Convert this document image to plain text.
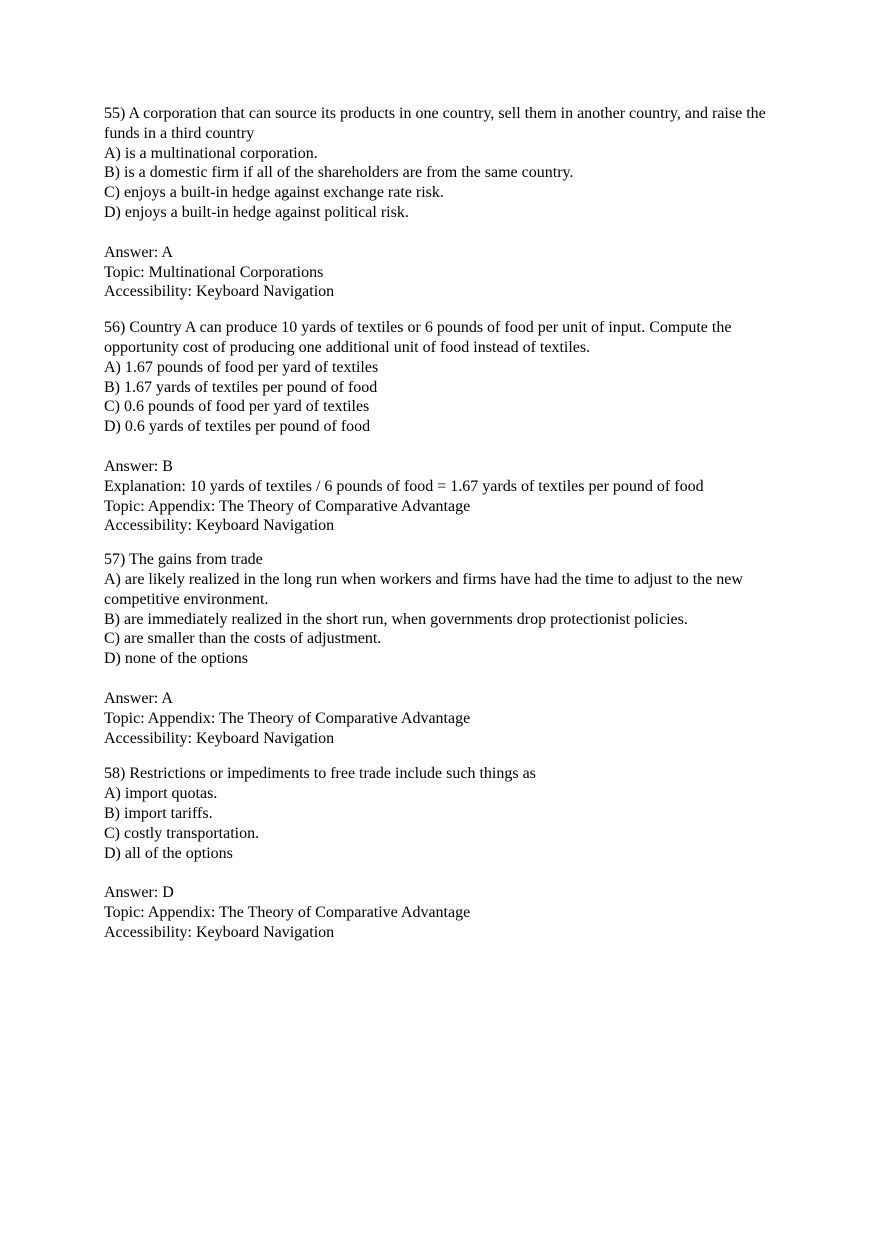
55) A corporation that can source its products in one country, sell them in another country, and raise the funds in a third country
A) is a multinational corporation.
B) is a domestic firm if all of the shareholders are from the same country.
C) enjoys a built-in hedge against exchange rate risk.
D) enjoys a built-in hedge against political risk.
Answer: A
Topic: Multinational Corporations
Accessibility: Keyboard Navigation
56) Country A can produce 10 yards of textiles or 6 pounds of food per unit of input. Compute the opportunity cost of producing one additional unit of food instead of textiles.
A) 1.67 pounds of food per yard of textiles
B) 1.67 yards of textiles per pound of food
C) 0.6 pounds of food per yard of textiles
D) 0.6 yards of textiles per pound of food
Answer: B
Explanation: 10 yards of textiles / 6 pounds of food = 1.67 yards of textiles per pound of food
Topic: Appendix: The Theory of Comparative Advantage
Accessibility: Keyboard Navigation
57) The gains from trade
A) are likely realized in the long run when workers and firms have had the time to adjust to the new competitive environment.
B) are immediately realized in the short run, when governments drop protectionist policies.
C) are smaller than the costs of adjustment.
D) none of the options
Answer: A
Topic: Appendix: The Theory of Comparative Advantage
Accessibility: Keyboard Navigation
58) Restrictions or impediments to free trade include such things as
A) import quotas.
B) import tariffs.
C) costly transportation.
D) all of the options
Answer: D
Topic: Appendix: The Theory of Comparative Advantage
Accessibility: Keyboard Navigation
